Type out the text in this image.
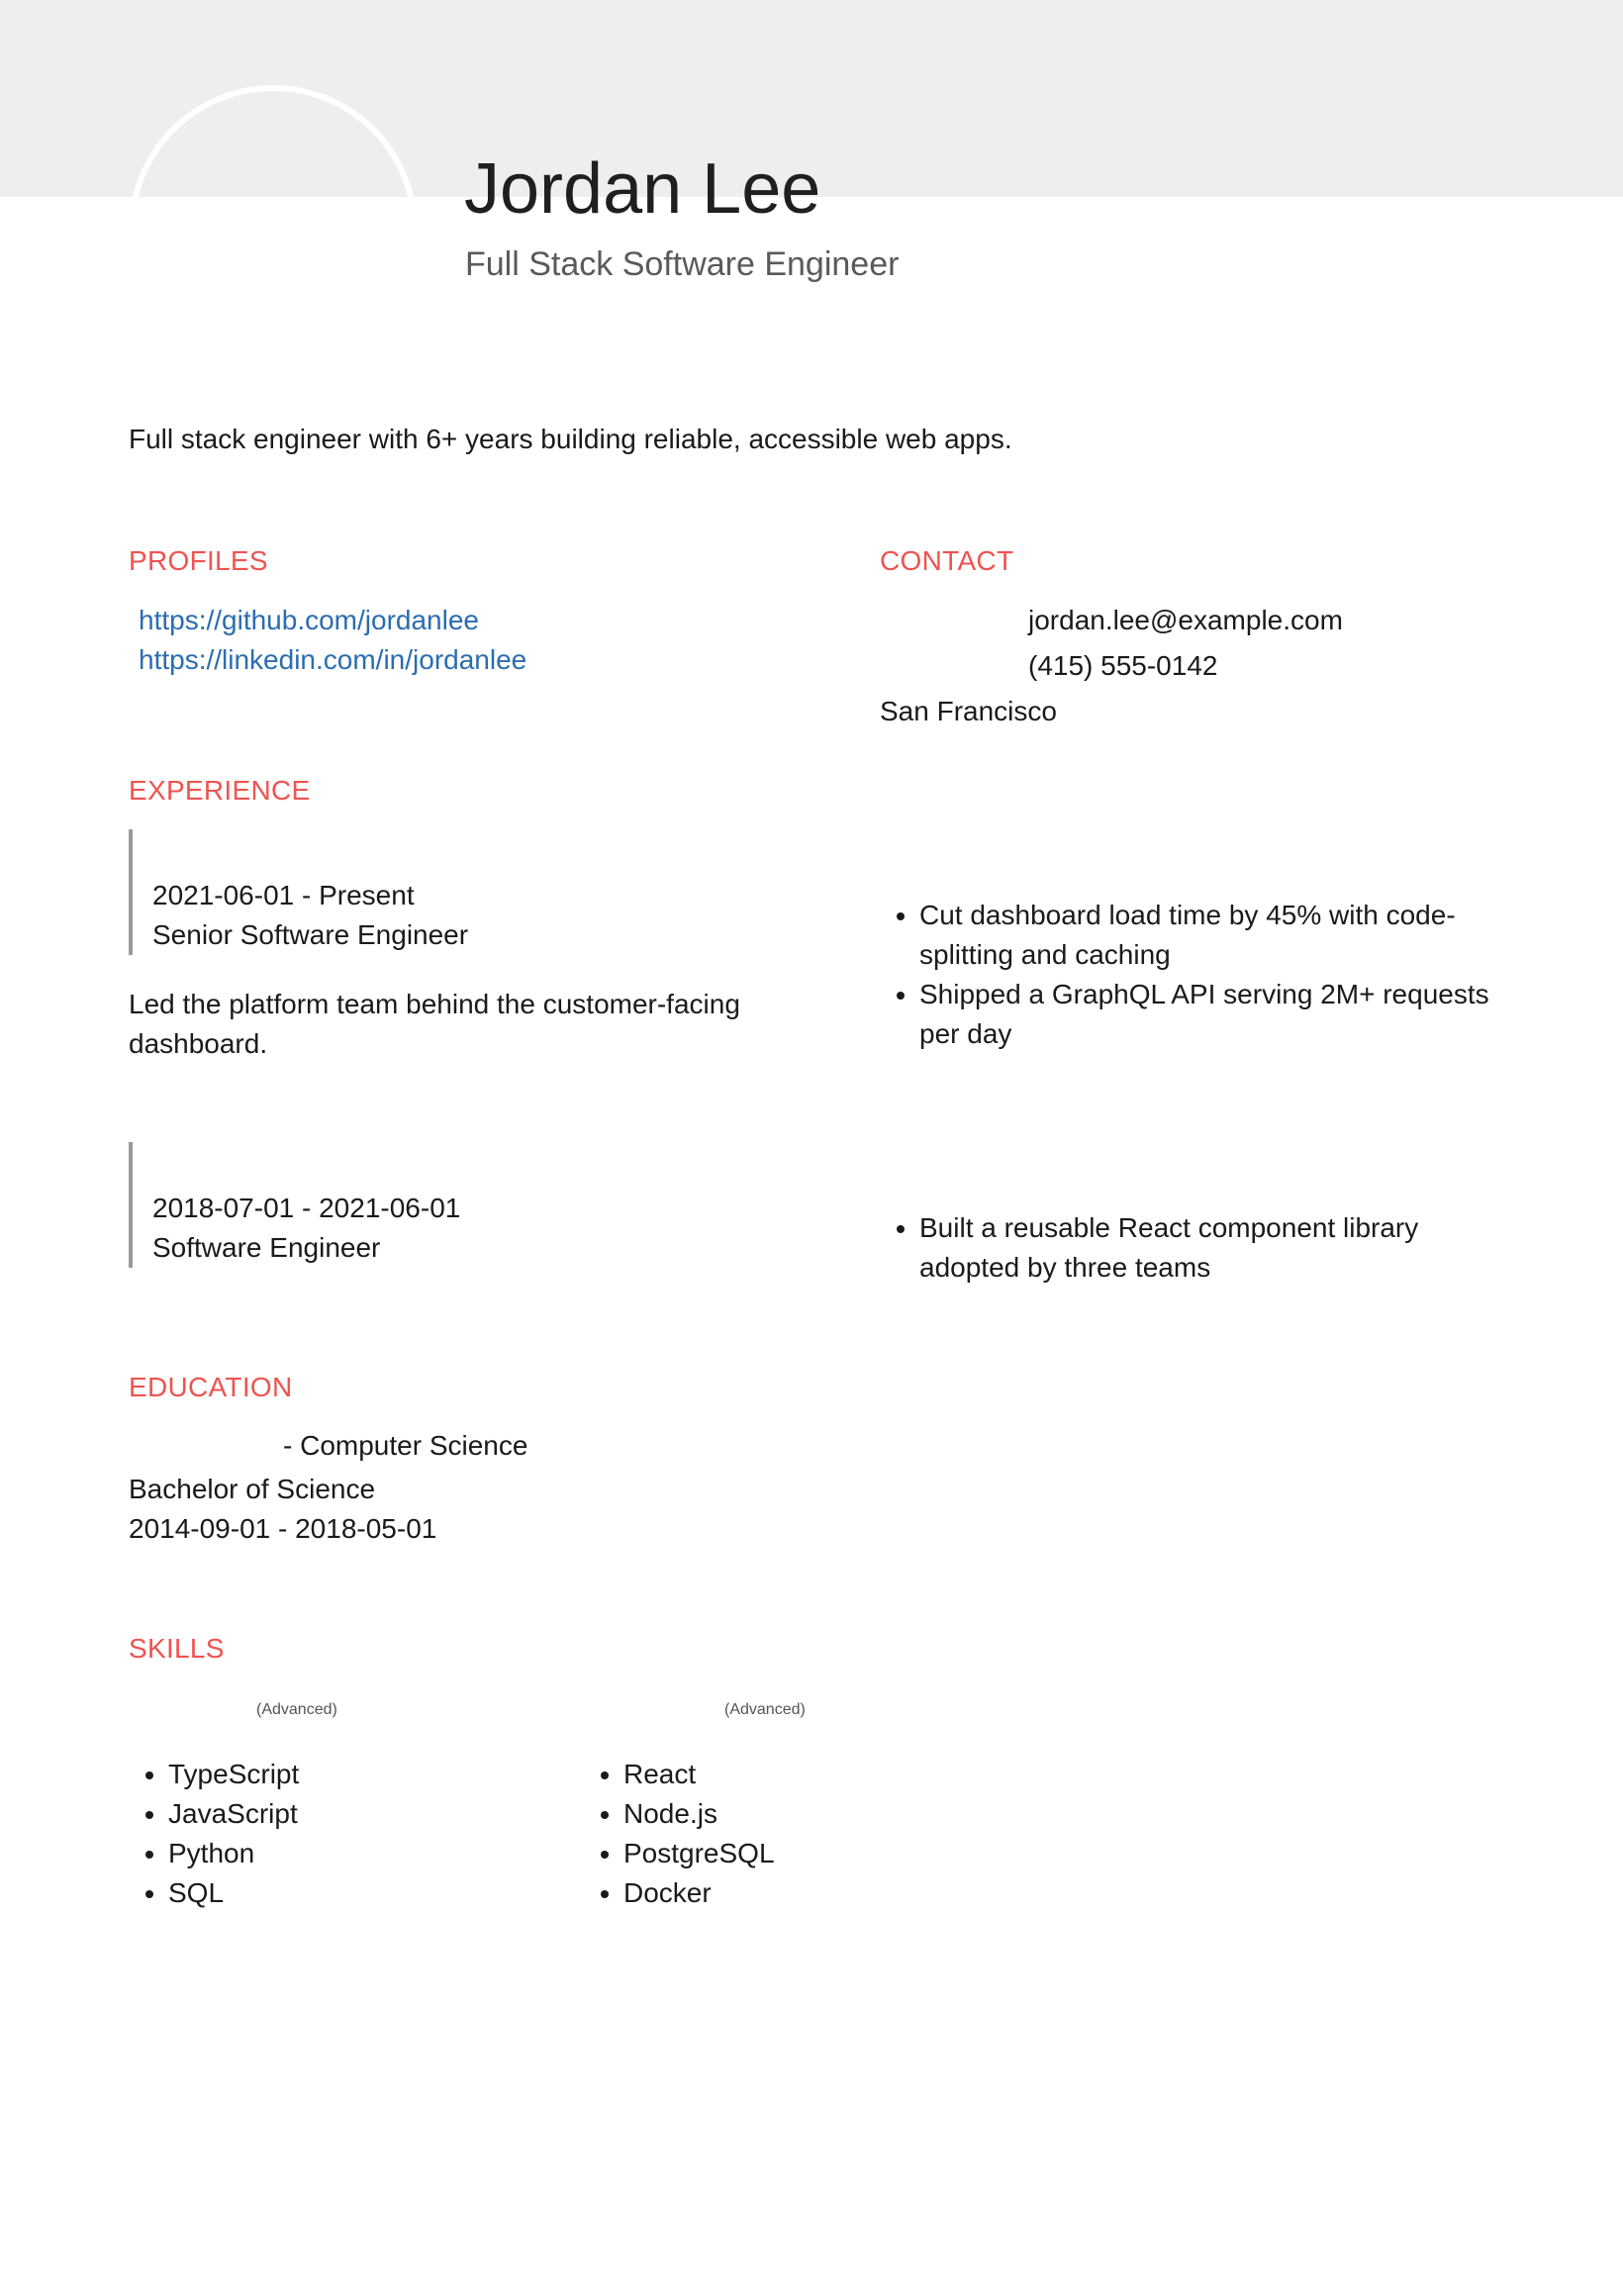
Jordan Lee
Full Stack Software Engineer
Full stack engineer with 6+ years building reliable, accessible web apps.
PROFILES
https://github.com/jordanlee
https://linkedin.com/in/jordanlee
CONTACT
jordan.lee@example.com
(415) 555-0142
San Francisco
EXPERIENCE
2021-06-01 - Present
Senior Software Engineer
Led the platform team behind the customer-facing
dashboard.
• Cut dashboard load time by 45% with code-
splitting and caching
• Shipped a GraphQL API serving 2M+ requests
per day
2018-07-01 - 2021-06-01
Software Engineer
• Built a reusable React component library
adopted by three teams
EDUCATION
- Computer Science
Bachelor of Science
2014-09-01 - 2018-05-01
SKILLS
(Advanced)
• TypeScript
• JavaScript
• Python
• SQL
(Advanced)
• React
• Node.js
• PostgreSQL
• Docker
